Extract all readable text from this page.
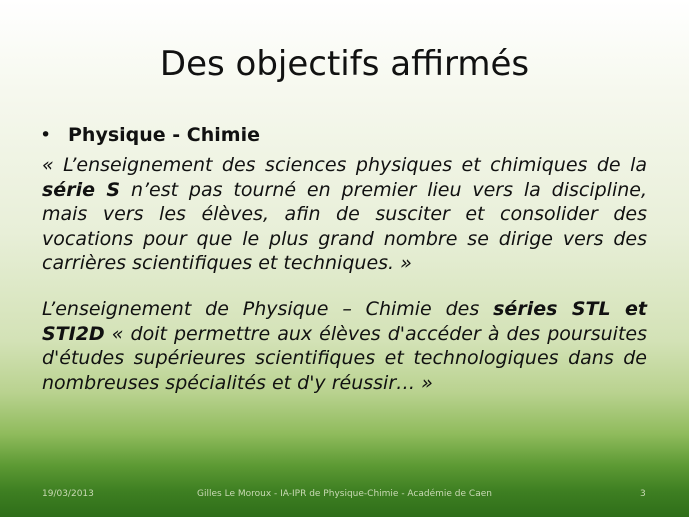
Des objectifs affirmés
• Physique - Chimie
« L’enseignement des sciences physiques et chimiques de la série S n’est pas tourné en premier lieu vers la discipline, mais vers les élèves, afin de susciter et consolider des vocations pour que le plus grand nombre se dirige vers des carrières scientifiques et techniques. »
L’enseignement de Physique – Chimie des séries STL et STI2D « doit permettre aux élèves d'accéder à des poursuites d'études supérieures scientifiques et technologiques dans de nombreuses spécialités et d'y réussir… »
19/03/2013	Gilles Le Moroux - IA-IPR de Physique-Chimie - Académie de Caen	3
